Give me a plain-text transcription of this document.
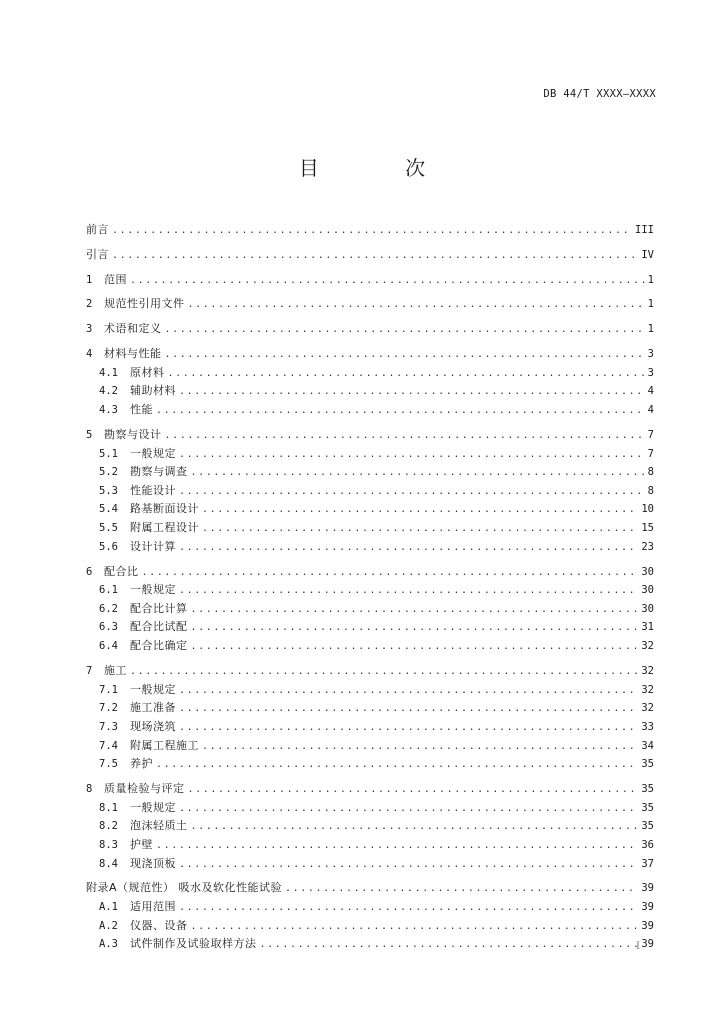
DB 44/T XXXX—XXXX
目 次
前言 .....	III
引言 .....	IV
1	范围 .....	1
2	规范性引用文件 .....	1
3	术语和定义 .....	1
4	材料与性能 .....	3
4.1	原材料 .....	3
4.2	辅助材料 .....	4
4.3	性能 .....	4
5	勘察与设计 .....	7
5.1	一般规定 .....	7
5.2	勘察与调查 .....	8
5.3	性能设计 .....	8
5.4	路基断面设计 .....	10
5.5	附属工程设计 .....	15
5.6	设计计算 .....	23
6	配合比 .....	30
6.1	一般规定 .....	30
6.2	配合比计算 .....	30
6.3	配合比试配 .....	31
6.4	配合比确定 .....	32
7	施工 .....	32
7.1	一般规定 .....	32
7.2	施工准备 .....	32
7.3	现场浇筑 .....	33
7.4	附属工程施工 .....	34
7.5	养护 .....	35
8	质量检验与评定 .....	35
8.1	一般规定 .....	35
8.2	泡沫轻质土 .....	35
8.3	护壁 .....	36
8.4	现浇顶板 .....	37
附录A（规范性） 吸水及软化性能试验 .....	39
A.1	适用范围 .....	39
A.2	仪器、设备 .....	39
A.3	试件制作及试验取样方法 .....	39
I
